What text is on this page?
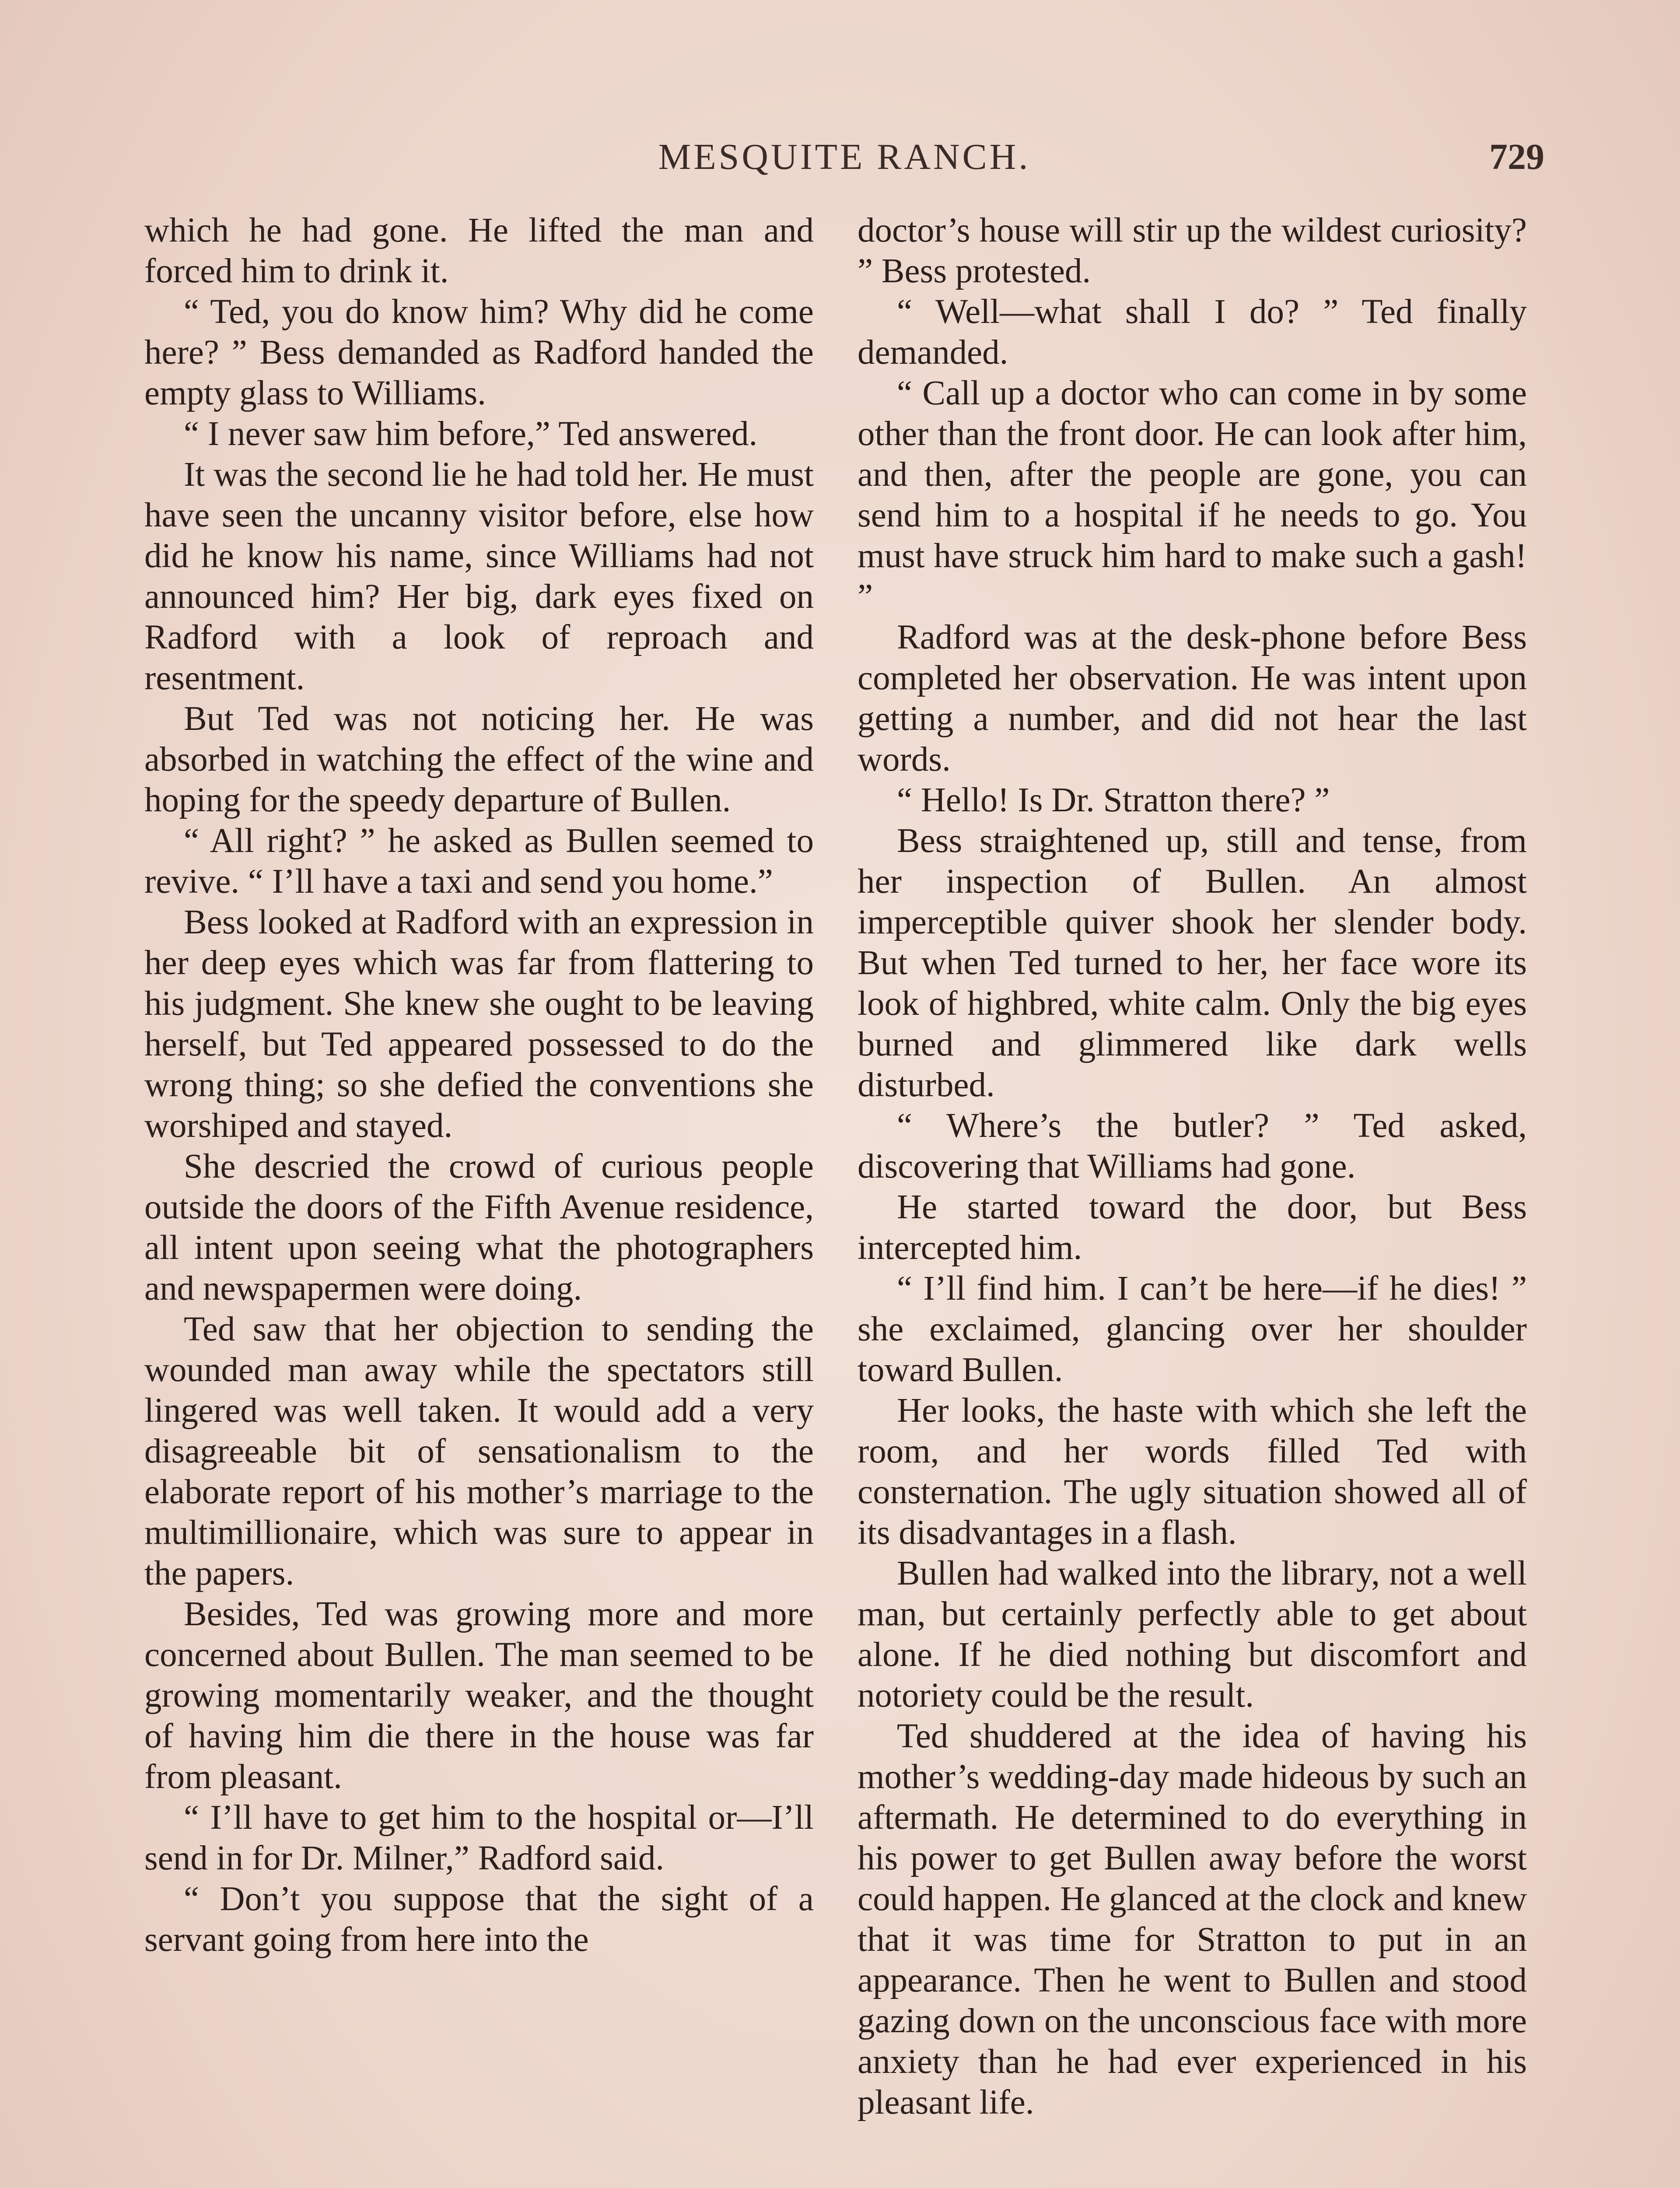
MESQUITE RANCH.	729

which he had gone. He lifted the man and forced him to drink it.

“ Ted, you do know him? Why did he come here? ” Bess demanded as Radford handed the empty glass to Williams.

“ I never saw him before,” Ted answered.

It was the second lie he had told her. He must have seen the uncanny visitor before, else how did he know his name, since Williams had not announced him? Her big, dark eyes fixed on Radford with a look of reproach and resentment.

But Ted was not noticing her. He was absorbed in watching the effect of the wine and hoping for the speedy departure of Bullen.

“ All right? ” he asked as Bullen seemed to revive. “ I’ll have a taxi and send you home.”

Bess looked at Radford with an expression in her deep eyes which was far from flattering to his judgment. She knew she ought to be leaving herself, but Ted appeared possessed to do the wrong thing; so she defied the conventions she worshiped and stayed.

She descried the crowd of curious people outside the doors of the Fifth Avenue residence, all intent upon seeing what the photographers and newspapermen were doing.

Ted saw that her objection to sending the wounded man away while the spectators still lingered was well taken. It would add a very disagreeable bit of sensationalism to the elaborate report of his mother’s marriage to the multimillionaire, which was sure to appear in the papers.

Besides, Ted was growing more and more concerned about Bullen. The man seemed to be growing momentarily weaker, and the thought of having him die there in the house was far from pleasant.

“ I’ll have to get him to the hospital or—I’ll send in for Dr. Milner,” Radford said.

“ Don’t you suppose that the sight of a servant going from here into the

doctor’s house will stir up the wildest curiosity? ” Bess protested.

“ Well—what shall I do? ” Ted finally demanded.

“ Call up a doctor who can come in by some other than the front door. He can look after him, and then, after the people are gone, you can send him to a hospital if he needs to go. You must have struck him hard to make such a gash! ”

Radford was at the desk-phone before Bess completed her observation. He was intent upon getting a number, and did not hear the last words.

“ Hello! Is Dr. Stratton there? ”

Bess straightened up, still and tense, from her inspection of Bullen. An almost imperceptible quiver shook her slender body. But when Ted turned to her, her face wore its look of highbred, white calm. Only the big eyes burned and glimmered like dark wells disturbed.

“ Where’s the butler? ” Ted asked, discovering that Williams had gone.

He started toward the door, but Bess intercepted him.

“ I’ll find him. I can’t be here—if he dies! ” she exclaimed, glancing over her shoulder toward Bullen.

Her looks, the haste with which she left the room, and her words filled Ted with consternation. The ugly situation showed all of its disadvantages in a flash.

Bullen had walked into the library, not a well man, but certainly perfectly able to get about alone. If he died nothing but discomfort and notoriety could be the result.

Ted shuddered at the idea of having his mother’s wedding-day made hideous by such an aftermath. He determined to do everything in his power to get Bullen away before the worst could happen. He glanced at the clock and knew that it was time for Stratton to put in an appearance. Then he went to Bullen and stood gazing down on the unconscious face with more anxiety than he had ever experienced in his pleasant life.
